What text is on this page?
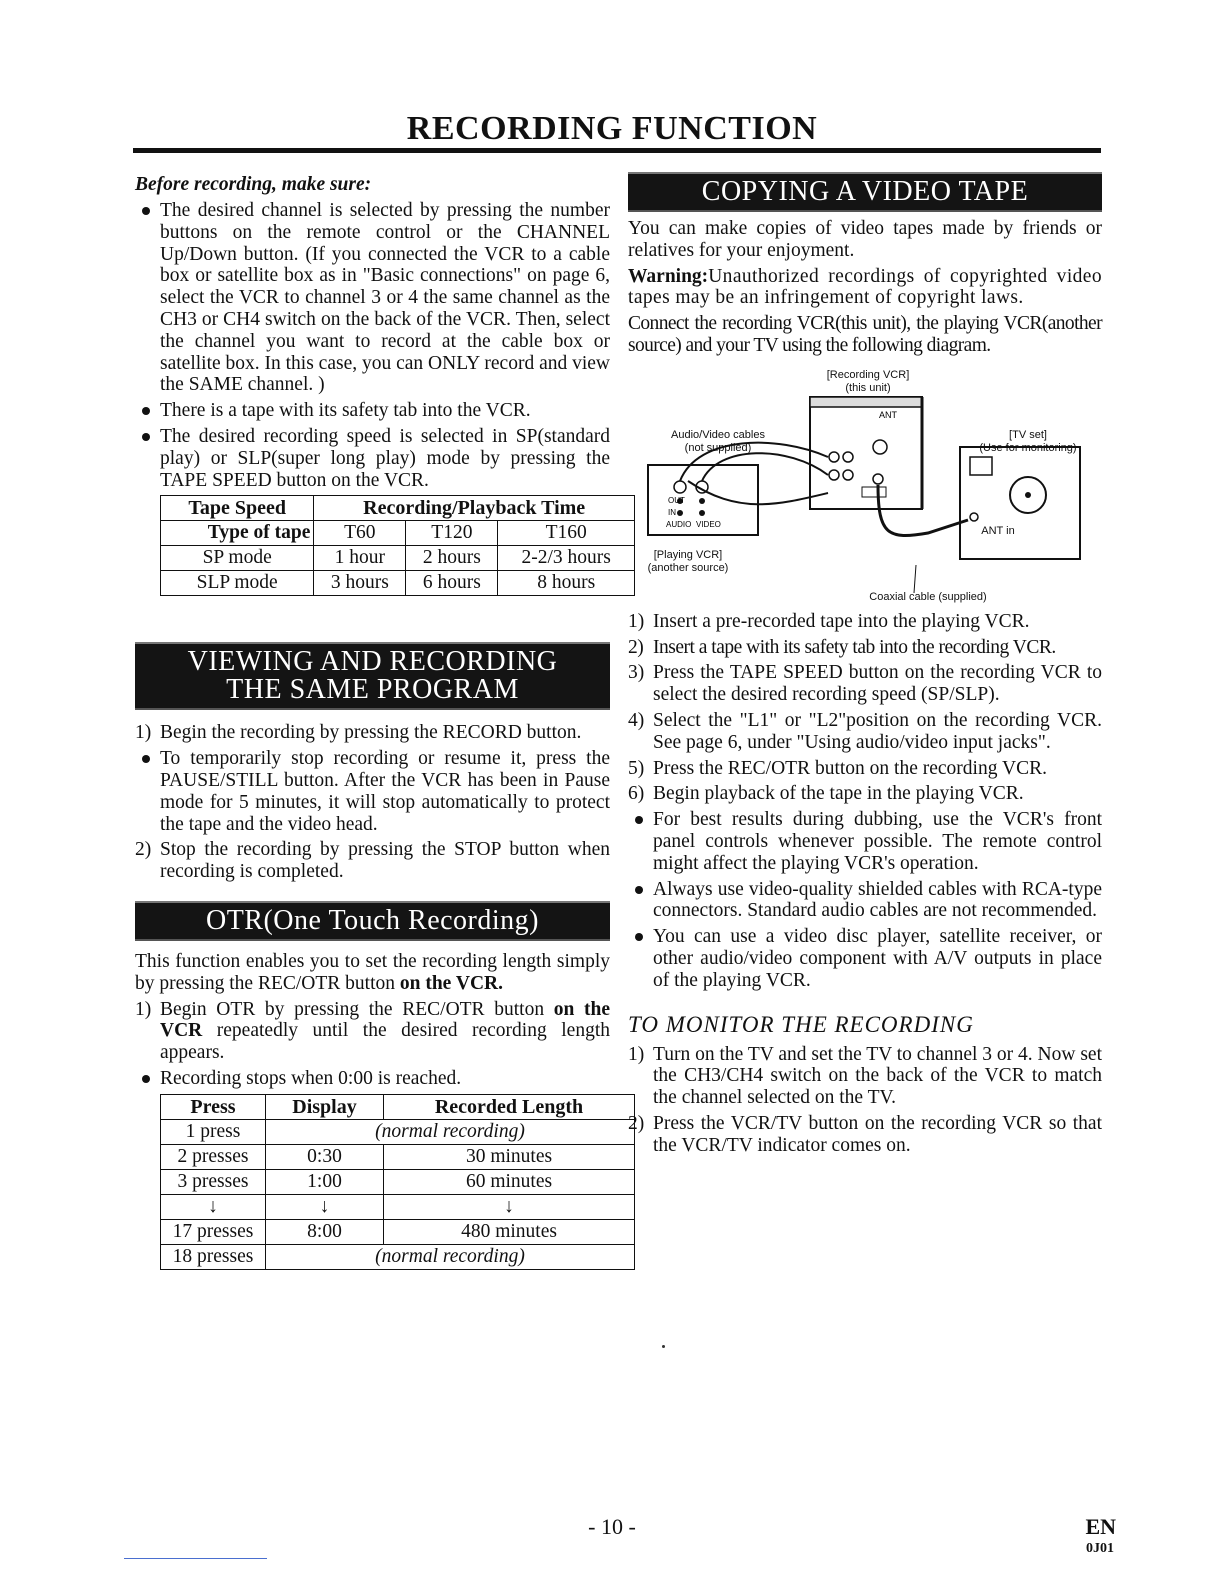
RECORDING FUNCTION
Before recording, make sure:
The desired channel is selected by pressing the number buttons on the remote control or the CHANNEL Up/Down button. (If you connected the VCR to a cable box or satellite box as in "Basic connections" on page 6, select the VCR to channel 3 or 4 the same channel as the CH3 or CH4 switch on the back of the VCR. Then, select the channel you want to record at the cable box or satellite box. In this case, you can ONLY record and view the SAME channel. )
There is a tape with its safety tab into the VCR.
The desired recording speed is selected in SP(standard play) or SLP(super long play) mode by pressing the TAPE SPEED button on the VCR.
Tape Speed	Recording/Playback Time		
Type of tape	T60	T120	T160
SP mode	1 hour	2 hours	2-2/3 hours
SLP mode	3 hours	6 hours	8 hours
VIEWING AND RECORDING
THE SAME PROGRAM
1) Begin the recording by pressing the RECORD button.
To temporarily stop recording or resume it, press the PAUSE/STILL button. After the VCR has been in Pause mode for 5 minutes, it will stop automatically to protect the tape and the video head.
2) Stop the recording by pressing the STOP button when recording is completed.
OTR(One Touch Recording)

This function enables you to set the recording length simply by pressing the REC/OTR button on the VCR.

1) Begin OTR by pressing the REC/OTR button on the VCR repeatedly until the desired recording length appears.
Recording stops when 0:00 is reached.
Press	Display	Recorded Length
1 press	(normal recording)	
2 presses	0:30	30 minutes
3 presses	1:00	60 minutes
↓	↓	↓
17 presses	8:00	480 minutes
18 presses	(normal recording)	
COPYING A VIDEO TAPE

You can make copies of video tapes made by friends or relatives for your enjoyment.

Warning:Unauthorized recordings of copyrighted video tapes may be an infringement of copyright laws.

Connect the recording VCR(this unit), the playing VCR(another source) and your TV using the following diagram.

ANT
OUT
IN
AUDIO VIDEO
[Recording VCR]
(this unit)
Audio/Video cables
(not supplied)
[TV set]
(Use for monitoring)
[Playing VCR]
(another source)
ANT in
Coaxial cable (supplied)
1) Insert a pre-recorded tape into the playing VCR.
2) Insert a tape with its safety tab into the recording VCR.
3) Press the TAPE SPEED button on the recording VCR to select the desired recording speed (SP/SLP).
4) Select the "L1" or "L2"position on the recording VCR. See page 6, under "Using audio/video input jacks".
5) Press the REC/OTR button on the recording VCR.
6) Begin playback of the tape in the playing VCR.
For best results during dubbing, use the VCR's front panel controls whenever possible. The remote control might affect the playing VCR's operation.
Always use video-quality shielded cables with RCA-type connectors. Standard audio cables are not recommended.
You can use a video disc player, satellite receiver, or other audio/video component with A/V outputs in place of the playing VCR.
TO MONITOR THE RECORDING
1) Turn on the TV and set the TV to channel 3 or 4. Now set the CH3/CH4 switch on the back of the VCR to match the channel selected on the TV.
2) Press the VCR/TV button on the recording VCR so that the VCR/TV indicator comes on.
- 10 -	EN
0J01
